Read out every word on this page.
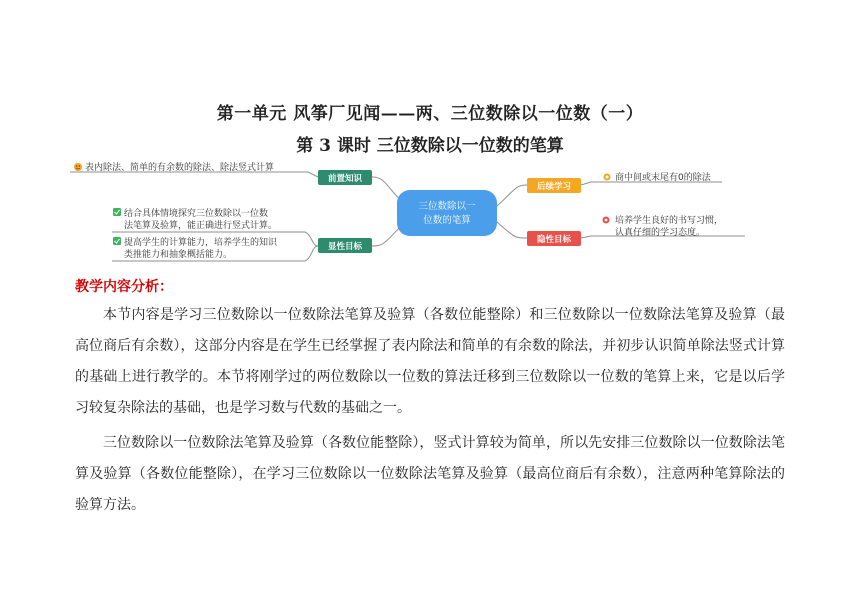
第一单元 风筝厂见闻——两、三位数除以一位数（一）
第 3 课时 三位数除以一位数的笔算
三位数除以一
位数的笔算
前置知识
表内除法、简单的有余数的除法、除法竖式计算
显性目标
结合具体情境探究三位数除以一位数
法笔算及验算，能正确进行竖式计算。
提高学生的计算能力，培养学生的知识
类推能力和抽象概括能力。
后续学习
商中间或末尾有0的除法
隐性目标
培养学生良好的书写习惯，
认真仔细的学习态度。
教学内容分析：
本节内容是学习三位数除以一位数除法笔算及验算（各数位能整除）和三位数除以一位数除法笔算及验算（最高位商后有余数），这部分内容是在学生已经掌握了表内除法和简单的有余数的除法，并初步认识简单除法竖式计算的基础上进行教学的。本节将刚学过的两位数除以一位数的算法迁移到三位数除以一位数的笔算上来，它是以后学习较复杂除法的基础，也是学习数与代数的基础之一。
三位数除以一位数除法笔算及验算（各数位能整除），竖式计算较为简单，所以先安排三位数除以一位数除法笔算及验算（各数位能整除），在学习三位数除以一位数除法笔算及验算（最高位商后有余数），注意两种笔算除法的验算方法。
